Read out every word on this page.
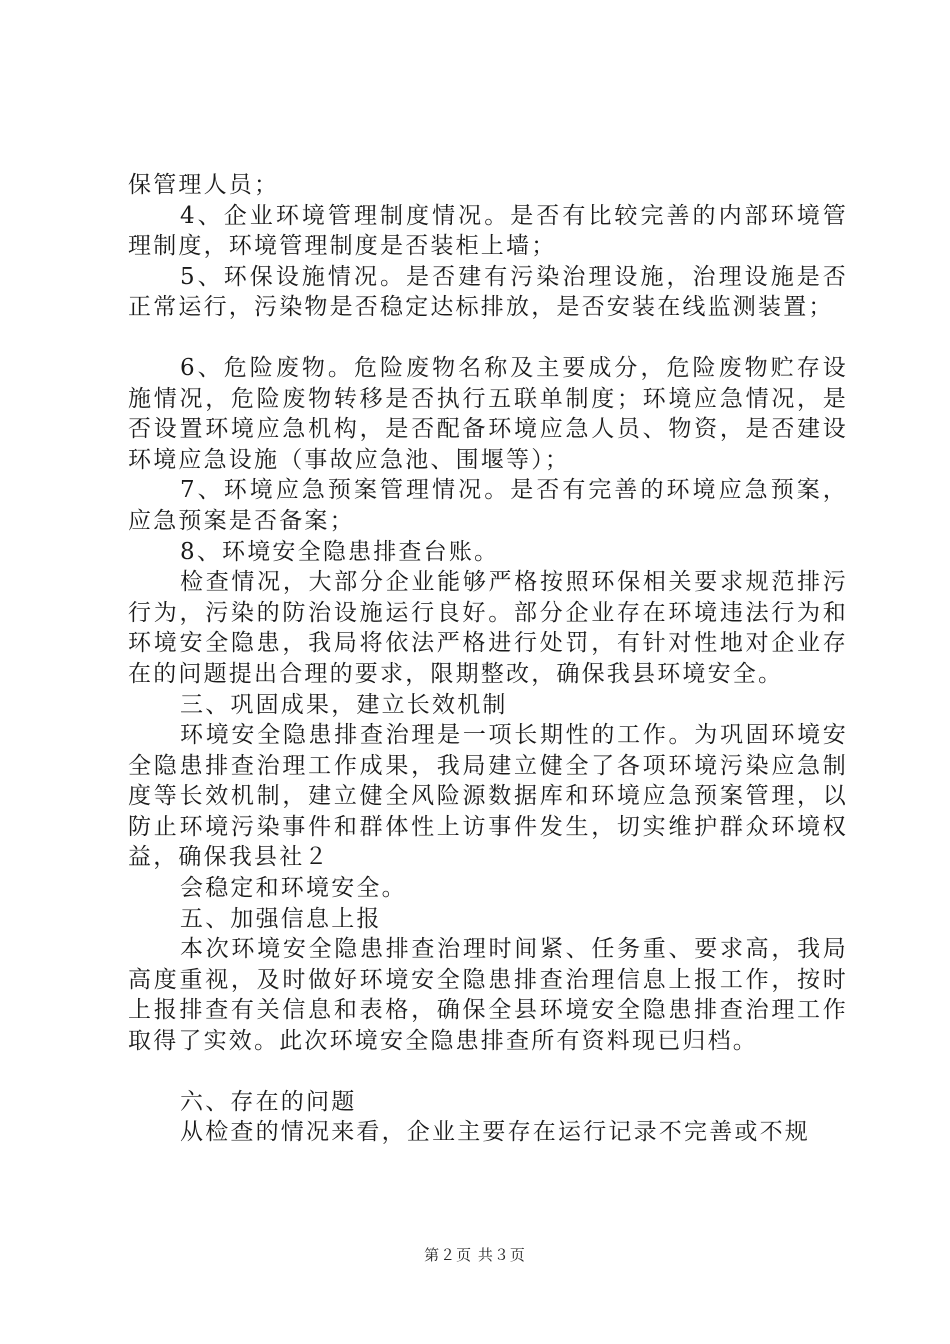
保管理人员；

4、企业环境管理制度情况。是否有比较完善的内部环境管理制度，环境管理制度是否装柜上墙；

5、环保设施情况。是否建有污染治理设施，治理设施是否正常运行，污染物是否稳定达标排放，是否安装在线监测装置；

6、危险废物。危险废物名称及主要成分，危险废物贮存设施情况，危险废物转移是否执行五联单制度；环境应急情况，是否设置环境应急机构，是否配备环境应急人员、物资，是否建设环境应急设施（事故应急池、围堰等）；

7、环境应急预案管理情况。是否有完善的环境应急预案，应急预案是否备案；

8、环境安全隐患排查台账。

检查情况，大部分企业能够严格按照环保相关要求规范排污行为，污染的防治设施运行良好。部分企业存在环境违法行为和环境安全隐患，我局将依法严格进行处罚，有针对性地对企业存在的问题提出合理的要求，限期整改，确保我县环境安全。

三、巩固成果，建立长效机制

环境安全隐患排查治理是一项长期性的工作。为巩固环境安全隐患排查治理工作成果，我局建立健全了各项环境污染应急制度等长效机制，建立健全风险源数据库和环境应急预案管理，以防止环境污染事件和群体性上访事件发生，切实维护群众环境权益，确保我县社２

会稳定和环境安全。

五、加强信息上报

本次环境安全隐患排查治理时间紧、任务重、要求高，我局高度重视，及时做好环境安全隐患排查治理信息上报工作，按时上报排查有关信息和表格，确保全县环境安全隐患排查治理工作取得了实效。此次环境安全隐患排查所有资料现已归档。

六、存在的问题

从检查的情况来看，企业主要存在运行记录不完善或不规

第２页 共３页
